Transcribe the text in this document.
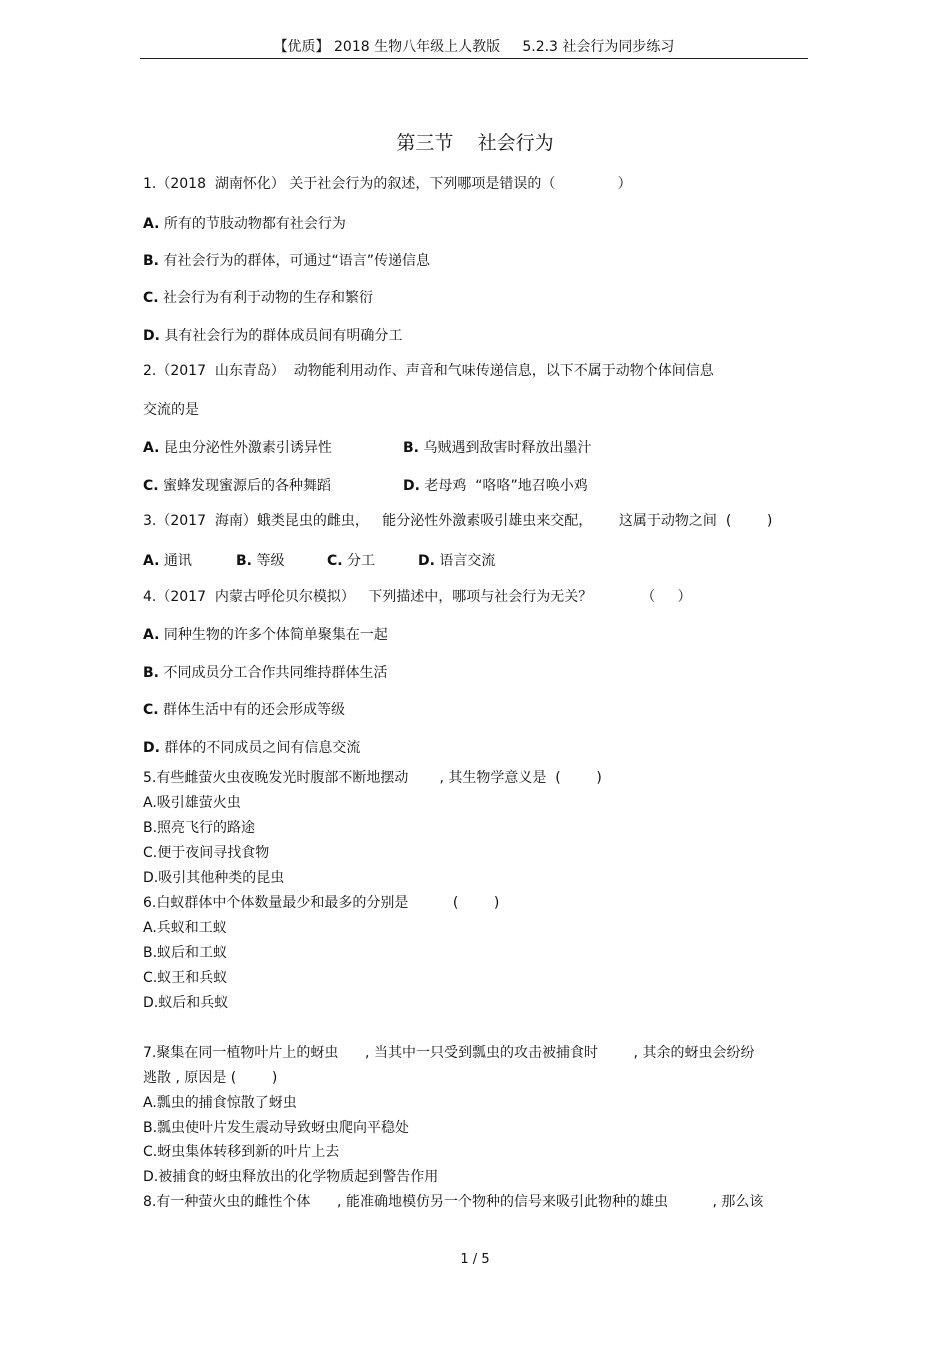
【优质】 2018 生物八年级上人教版     5.2.3 社会行为同步练习
第三节    社会行为
1.（2018  湖南怀化） 关于社会行为的叙述，下列哪项是错误的（              ）
A. 所有的节肢动物都有社会行为
B. 有社会行为的群体，可通过“语言”传递信息
C. 社会行为有利于动物的生存和繁衍
D. 具有社会行为的群体成员间有明确分工
2.（2017  山东青岛）  动物能利用动作、声音和气味传递信息，以下不属于动物个体间信息
交流的是
A. 昆虫分泌性外激素引诱异性	B. 乌贼遇到敌害时释放出墨汁
C. 蜜蜂发现蜜源后的各种舞蹈	D. 老母鸡  “咯咯”地召唤小鸡
3.（2017  海南）蛾类昆虫的雌虫，   能分泌性外激素吸引雄虫来交配，      这属于动物之间  (        )
A. 通讯	B. 等级	C. 分工	D. 语言交流
4.（2017  内蒙古呼伦贝尔模拟）   下列描述中，哪项与社会行为无关？           （     ）
A. 同种生物的许多个体简单聚集在一起
B. 不同成员分工合作共同维持群体生活
C. 群体生活中有的还会形成等级
D. 群体的不同成员之间有信息交流
5.有些雌萤火虫夜晚发光时腹部不断地摆动       , 其生物学意义是  (        )
A.吸引雄萤火虫
B.照亮飞行的路途
C.便于夜间寻找食物
D.吸引其他种类的昆虫
6.白蚁群体中个体数量最少和最多的分别是          (        )
A.兵蚁和工蚁
B.蚁后和工蚁
C.蚁王和兵蚁
D.蚁后和兵蚁
7.聚集在同一植物叶片上的蚜虫      , 当其中一只受到瓢虫的攻击被捕食时        , 其余的蚜虫会纷纷
逃散 , 原因是 (        )
A.瓢虫的捕食惊散了蚜虫
B.瓢虫使叶片发生震动导致蚜虫爬向平稳处
C.蚜虫集体转移到新的叶片上去
D.被捕食的蚜虫释放出的化学物质起到警告作用
8.有一种萤火虫的雌性个体      , 能准确地模仿另一个物种的信号来吸引此物种的雄虫          , 那么该
1 / 5
